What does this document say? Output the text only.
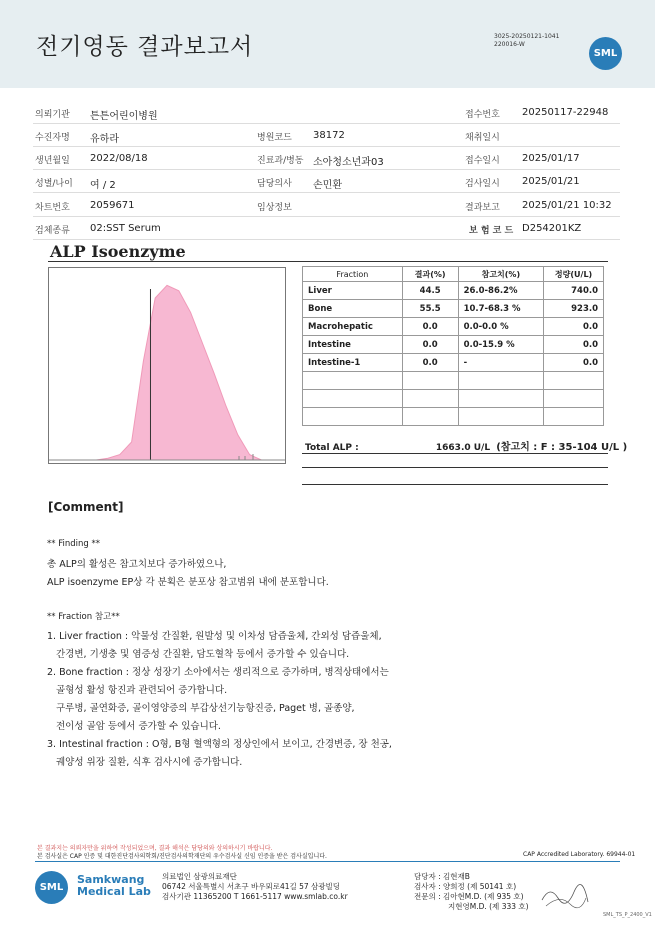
전기영동 결과보고서	3025-20250121-1041
220016-W
SML
의뢰기관 튼튼어린이병원	접수번호 20250117-22948
수진자명 유하라	병원코드 38172	채취일시
생년월일 2022/08/18	진료과/병동 소아청소년과03	접수일시 2025/01/17
성별/나이 여 / 2	담당의사 손민환	검사일시 2025/01/21
차트번호 2059671	임상정보	결과보고 2025/01/21 10:32
검체종류 02:SST Serum	보 험 코 드 D254201KZ
ALP Isoenzyme
Fraction	결과(%)	참고치(%)	정량(U/L)
Liver	44.5	26.0-86.2%	740.0
Bone	55.5	10.7-68.3 %	923.0
Macrohepatic	0.0	0.0-0.0 %	0.0
Intestine	0.0	0.0-15.9 %	0.0
Intestine-1	0.0	-	0.0

Total ALP :	1663.0 U/L (참고치 : F : 35-104 U/L )
[Comment]
** Finding **
총 ALP의 활성은 참고치보다 증가하였으나,
ALP isoenzyme EP상 각 분획은 분포상 참고범위 내에 분포합니다.
** Fraction 참고**
1. Liver fraction : 악물성 간질환, 원발성 및 이차성 담즙울체, 간외성 담즙울체,
간경변, 기생충 및 염증성 간질환, 담도혈착 등에서 증가할 수 있습니다.
2. Bone fraction : 정상 성장기 소아에서는 생리적으로 증가하며, 병적상태에서는
골형성 활성 항진과 관련되어 증가합니다.
구루병, 골연화증, 골이영양증의 부갑상선기능항진증, Paget 병, 골종양,
전이성 골암 등에서 증가할 수 있습니다.
3. Intestinal fraction : O형, B형 혈액형의 정상인에서 보이고, 간경변증, 장 천공,
궤양성 위장 질환, 식후 검사시에 증가합니다.
본 결과지는 의뢰자만을 위하여 작성되었으며, 결과 해석은 담당의와 상의하시기 바랍니다.
본 검사실은 CAP 인증 및 대한진단검사의학회/진단검사의학재단의 우수검사실 신임 인증을 받은 검사실입니다.	CAP Accredited Laboratory. 69944-01
SML
Samkwang
Medical Lab
의료법인 삼광의료재단
06742 서울특별시 서초구 바우뫼로41길 57 삼광빌딩
검사기관 11365200 T 1661-5117 www.smlab.co.kr
담당자 : 김현재B
검사자 : 양희정 (제 50141 호)
전문의 : 김아현M.D. (제 935 호)
지현영M.D. (제 333 호)
SML_TS_P_2400_V1
